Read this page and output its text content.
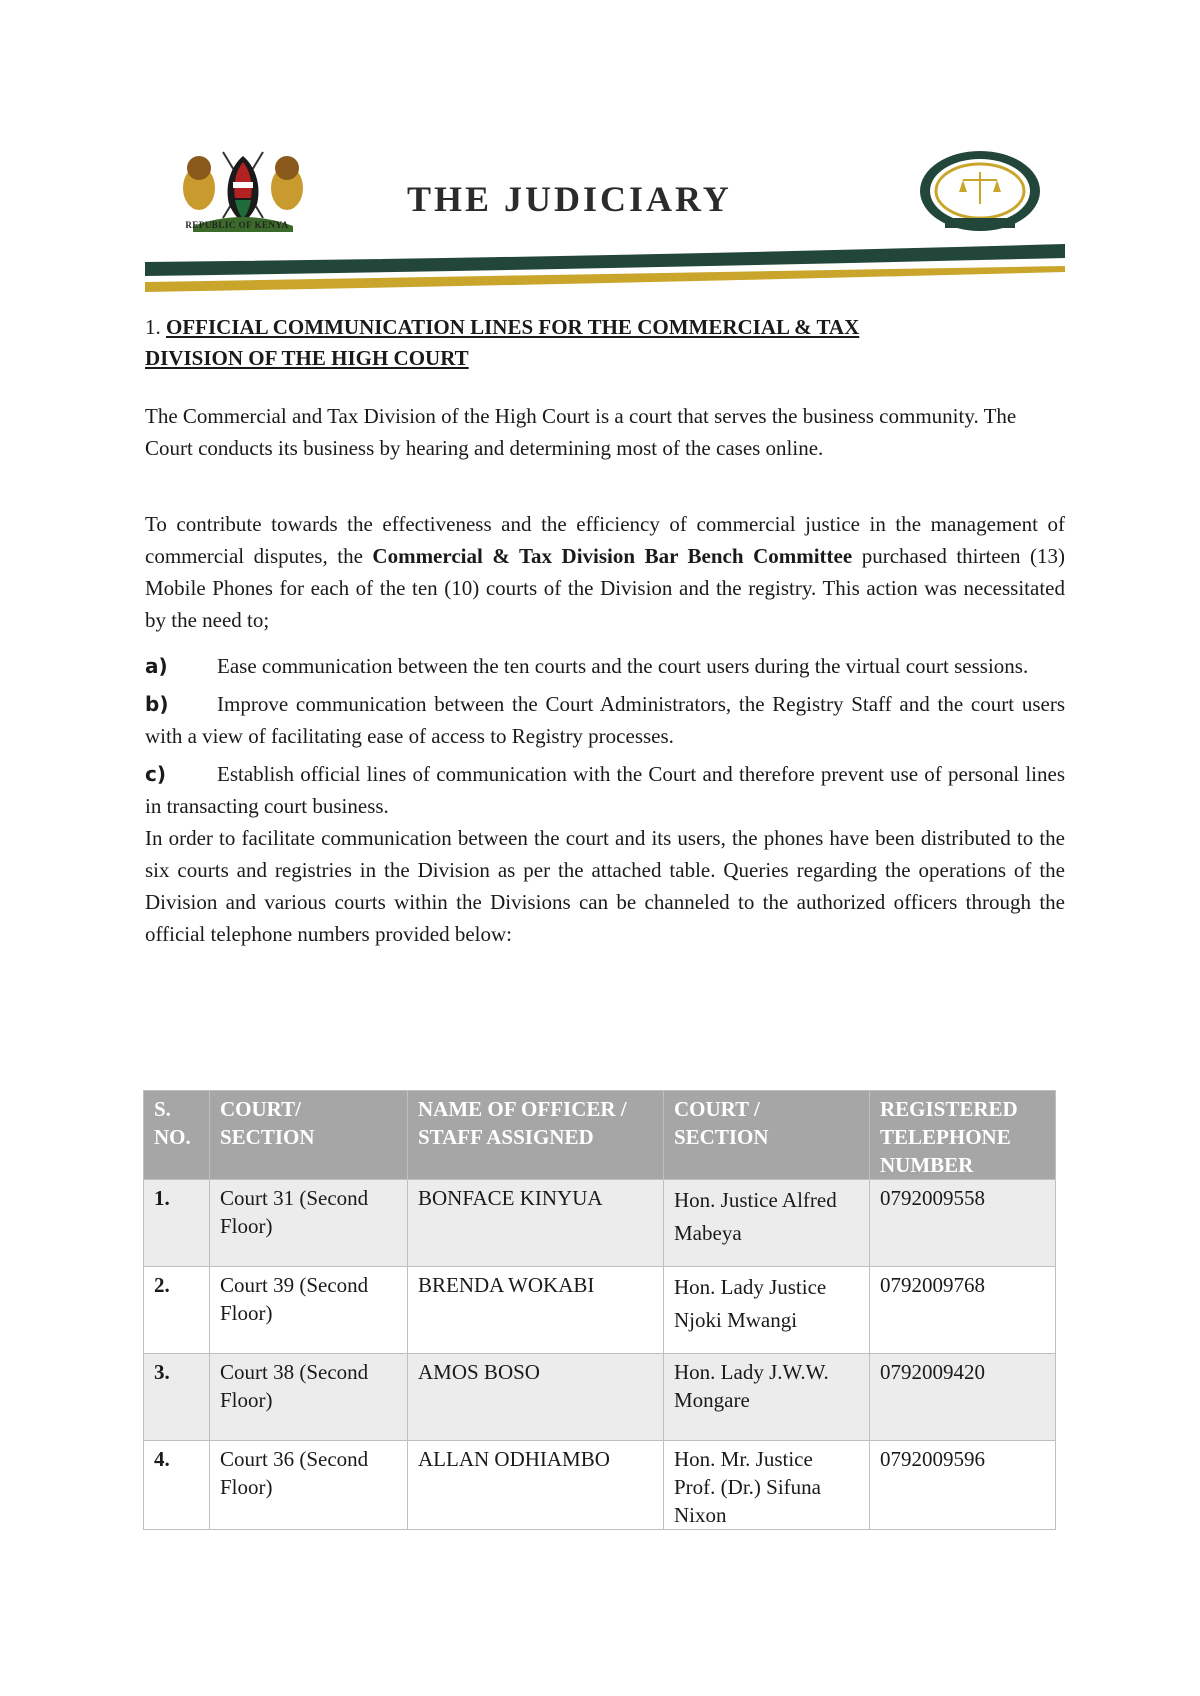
REPUBLIC OF KENYA
THE JUDICIARY
1. OFFICIAL COMMUNICATION LINES FOR THE COMMERCIAL & TAX
DIVISION OF THE HIGH COURT

The Commercial and Tax Division of the High Court is a court that serves the business community. The Court conducts its business by hearing and determining most of the cases online.

To contribute towards the effectiveness and the efficiency of commercial justice in the management of commercial disputes, the Commercial & Tax Division Bar Bench Committee purchased thirteen (13) Mobile Phones for each of the ten (10) courts of the Division and the registry. This action was necessitated by the need to;

a) Ease communication between the ten courts and the court users during the virtual court sessions.
b) Improve communication between the Court Administrators, the Registry Staff and the court users with a view of facilitating ease of access to Registry processes.
c) Establish official lines of communication with the Court and therefore prevent use of personal lines in transacting court business.

In order to facilitate communication between the court and its users, the phones have been distributed to the six courts and registries in the Division as per the attached table. Queries regarding the operations of the Division and various courts within the Divisions can be channeled to the authorized officers through the official telephone numbers provided below:

S. NO.	COURT/ SECTION	NAME OF OFFICER / STAFF ASSIGNED	COURT / SECTION	REGISTERED TELEPHONE NUMBER
1.	Court 31 (Second Floor)	BONFACE KINYUA	Hon. Justice Alfred Mabeya	0792009558
2.	Court 39 (Second Floor)	BRENDA WOKABI	Hon. Lady Justice Njoki Mwangi	0792009768
3.	Court 38 (Second Floor)	AMOS BOSO	Hon. Lady J.W.W. Mongare	0792009420
4.	Court 36 (Second Floor)	ALLAN ODHIAMBO	Hon. Mr. Justice Prof. (Dr.) Sifuna Nixon	0792009596
